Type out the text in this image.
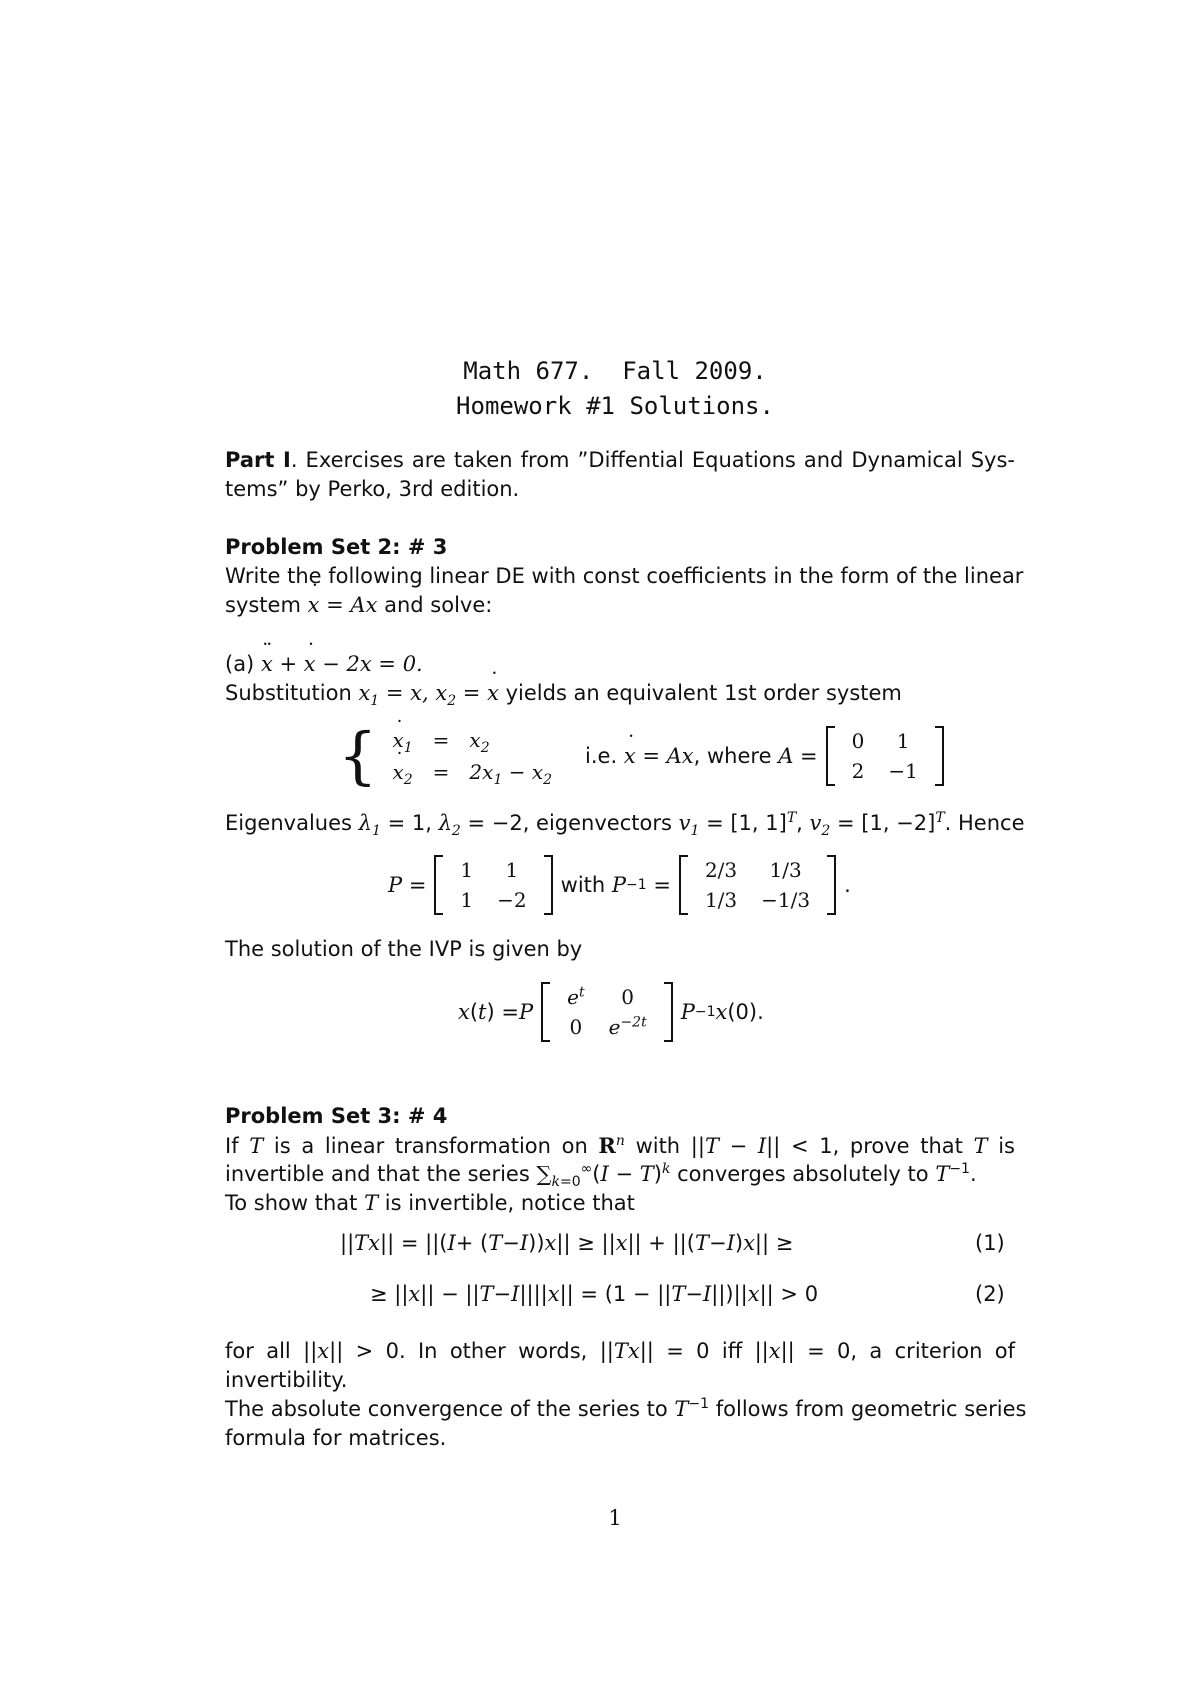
Math 677.  Fall 2009.
Homework #1 Solutions.
Part I. Exercises are taken from ”Diffential Equations and Dynamical Sys-
tems” by Perko, 3rd edition.
Problem Set 2: # 3
Write the following linear DE with const coefficients in the form of the linear
system x ˙ = Ax and solve:
(a) x ¨ + x ˙ − 2x = 0.
Substitution $x_1 = x$, $x_2 = x$ ˙ yields an equivalent 1st order system
{ x $˙_1$	=	$x_2$
x $˙_2$	=	$2x_1 - x_2$
i.e. x ˙ = Ax, where A =
0	1
2	−1
Eigenvalues $\lambda_1 = 1$, $\lambda_2 = -2$, eigenvectors $v_1 = [1$, 1]$^T$, $v_2 = [1$, −2]$^T$. Hence
P =
1	1
1	−2
with
P −1 =
2/3	1/3
1/3	−1/3
.
The solution of the IVP is given by
x ( t ) = P
$e^t$	0
0	$e^{-2t}$ P −1 x (0).
Problem Set 3: # 4
If T is a linear transformation on $R^n$ with ||T − I|| < 1, prove that T is
invertible and that the series $\sum_{k=0}^\infty(I - T)^k$ converges absolutely to $T^{-1}$.
To show that T is invertible, notice that
|| Tx || = ||( I + ( T − I )) x || ≥ || x || + ||( T − I ) x || ≥	(1)
≥ || x || − || T − I |||| x || = (1 − || T − I ||)|| x || > 0	(2)
for all ||x|| > 0. In other words, ||Tx|| = 0 iff ||x|| = 0, a criterion of
invertibility.
The absolute convergence of the series to $T^{-1}$ follows from geometric series
formula for matrices.
1
